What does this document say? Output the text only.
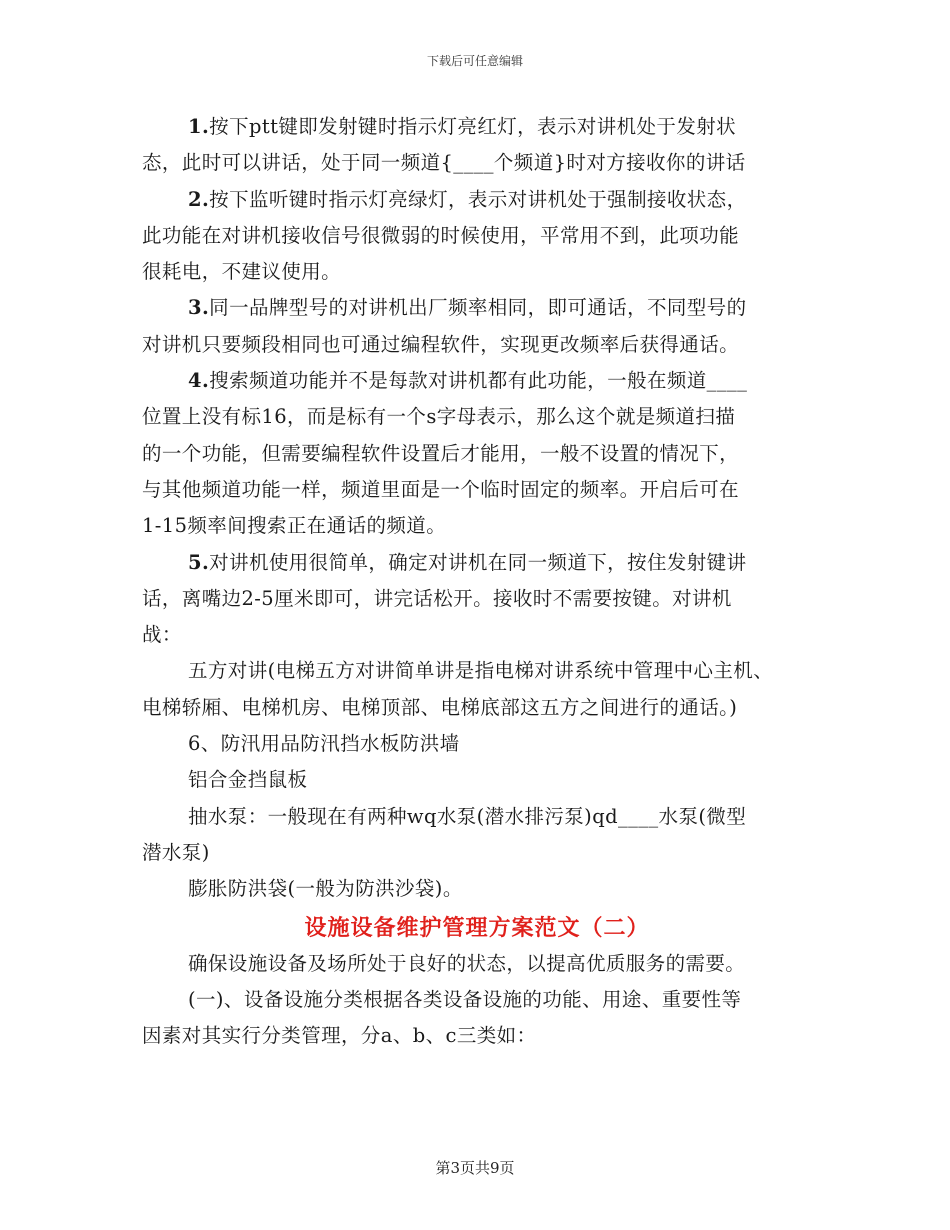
下载后可任意编辑

1.按下ptt键即发射键时指示灯亮红灯，表示对讲机处于发射状

态，此时可以讲话，处于同一频道{____个频道}时对方接收你的讲话

2.按下监听键时指示灯亮绿灯，表示对讲机处于强制接收状态，

此功能在对讲机接收信号很微弱的时候使用，平常用不到，此项功能

很耗电，不建议使用。

3.同一品牌型号的对讲机出厂频率相同，即可通话，不同型号的

对讲机只要频段相同也可通过编程软件，实现更改频率后获得通话。

4.搜索频道功能并不是每款对讲机都有此功能，一般在频道____

位置上没有标16，而是标有一个s字母表示，那么这个就是频道扫描

的一个功能，但需要编程软件设置后才能用，一般不设置的情况下，

与其他频道功能一样，频道里面是一个临时固定的频率。开启后可在

1-15频率间搜索正在通话的频道。

5.对讲机使用很简单，确定对讲机在同一频道下，按住发射键讲

话，离嘴边2-5厘米即可，讲完话松开。接收时不需要按键。对讲机

战：

五方对讲(电梯五方对讲简单讲是指电梯对讲系统中管理中心主机、

电梯轿厢、电梯机房、电梯顶部、电梯底部这五方之间进行的通话。)

6、防汛用品防汛挡水板防洪墙

铝合金挡鼠板

抽水泵：一般现在有两种wq水泵(潜水排污泵)qd____水泵(微型

潜水泵)

膨胀防洪袋(一般为防洪沙袋)。

设施设备维护管理方案范文（二）

确保设施设备及场所处于良好的状态，以提高优质服务的需要。

(一)、设备设施分类根据各类设备设施的功能、用途、重要性等

因素对其实行分类管理，分a、b、c三类如：

第3页共9页
